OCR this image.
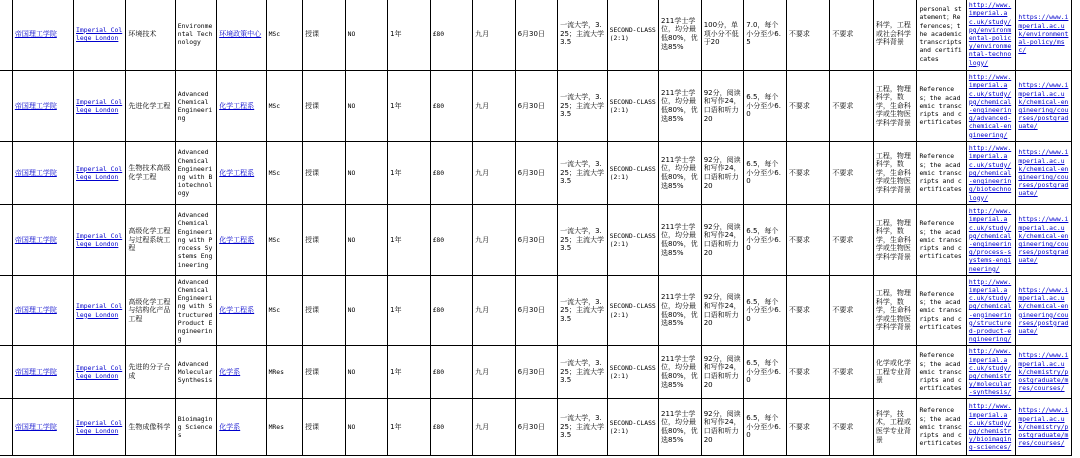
	帝国理工学院	Imperial College London	环境技术	Environmental Technology	环境政策中心	MSc	授课	NO	1年	£80	九月	6月30日	一流大学，3.25；主流大学3.5	SECOND-CLASS (2:1)	211学士学位，均分最低80%，优选85%	100分，单项小分不低于20	7.0，每个小分至少6.5	不要求	不要求	科学，工程或社会科学学科背景	personal statement；References；the academic transcripts and certificates	http://www.imperial.ac.uk/study/pg/environmental-policy/environmental-technology/	https://www.imperial.ac.uk/environmental-policy/msc/
	帝国理工学院	Imperial College London	先进化学工程	Advanced Chemical Engineering	化学工程系	MSc	授课	NO	1年	£80	九月	6月30日	一流大学，3.25；主流大学3.5	SECOND-CLASS (2:1)	211学士学位，均分最低80%，优选85%	92分，阅读和写作24，口语和听力20	6.5，每个小分至少6.0	不要求	不要求	工程，物理科学，数学，生命科学或生物医学科学背景	References；the academic transcripts and certificates	http://www.imperial.ac.uk/study/pg/chemical-engineering/advanced-chemical-engineering/	https://www.imperial.ac.uk/chemical-engineering/courses/postgraduate/
	帝国理工学院	Imperial College London	生物技术高级化学工程	Advanced Chemical Engineering with Biotechnology	化学工程系	MSc	授课	NO	1年	£80	九月	6月30日	一流大学，3.25；主流大学3.5	SECOND-CLASS (2:1)	211学士学位，均分最低80%，优选85%	92分，阅读和写作24，口语和听力20	6.5，每个小分至少6.0	不要求	不要求	工程，物理科学，数学，生命科学或生物医学科学背景	References；the academic transcripts and certificates	http://www.imperial.ac.uk/study/pg/chemical-engineering/biotechnology/	https://www.imperial.ac.uk/chemical-engineering/courses/postgraduate/
	帝国理工学院	Imperial College London	高级化学工程与过程系统工程	Advanced Chemical Engineering with Process Systems Engineering	化学工程系	MSc	授课	NO	1年	£80	九月	6月30日	一流大学，3.25；主流大学3.5	SECOND-CLASS (2:1)	211学士学位，均分最低80%，优选85%	92分，阅读和写作24，口语和听力20	6.5，每个小分至少6.0	不要求	不要求	工程，物理科学，数学，生命科学或生物医学科学背景	References；the academic transcripts and certificates	http://www.imperial.ac.uk/study/pg/chemical-engineering/process-systems-engineering/	https://www.imperial.ac.uk/chemical-engineering/courses/postgraduate/
	帝国理工学院	Imperial College London	高级化学工程与结构化产品工程	Advanced Chemical Engineering with Structured Product Engineering	化学工程系	MSc	授课	NO	1年	£80	九月	6月30日	一流大学，3.25；主流大学3.5	SECOND-CLASS (2:1)	211学士学位，均分最低80%，优选85%	92分，阅读和写作24，口语和听力20	6.5，每个小分至少6.0	不要求	不要求	工程，物理科学，数学，生命科学或生物医学科学背景	References；the academic transcripts and certificates	http://www.imperial.ac.uk/study/pg/chemical-engineering/structured-product-engineering/	https://www.imperial.ac.uk/chemical-engineering/courses/postgraduate/
	帝国理工学院	Imperial College London	先进的分子合成	Advanced Molecular Synthesis	化学系	MRes	授课	NO	1年	£80	九月	6月30日	一流大学，3.25；主流大学3.5	SECOND-CLASS (2:1)	211学士学位，均分最低80%，优选85%	92分，阅读和写作24，口语和听力20	6.5，每个小分至少6.0	不要求	不要求	化学或化学工程专业背景	References；the academic transcripts and certificates	http://www.imperial.ac.uk/study/pg/chemistry/molecular-synthesis/	https://www.imperial.ac.uk/chemistry/postgraduate/mres/courses/
	帝国理工学院	Imperial College London	生物成像科学	Bioimaging Sciences	化学系	MRes	授课	NO	1年	£80	九月	6月30日	一流大学，3.25；主流大学3.5	SECOND-CLASS (2:1)	211学士学位，均分最低80%，优选85%	92分，阅读和写作24，口语和听力20	6.5，每个小分至少6.0	不要求	不要求	科学，技术，工程或医学专业背景	References；the academic transcripts and certificates	http://www.imperial.ac.uk/study/pg/chemistry/bioimaging-sciences/	https://www.imperial.ac.uk/chemistry/postgraduate/mres/courses/
